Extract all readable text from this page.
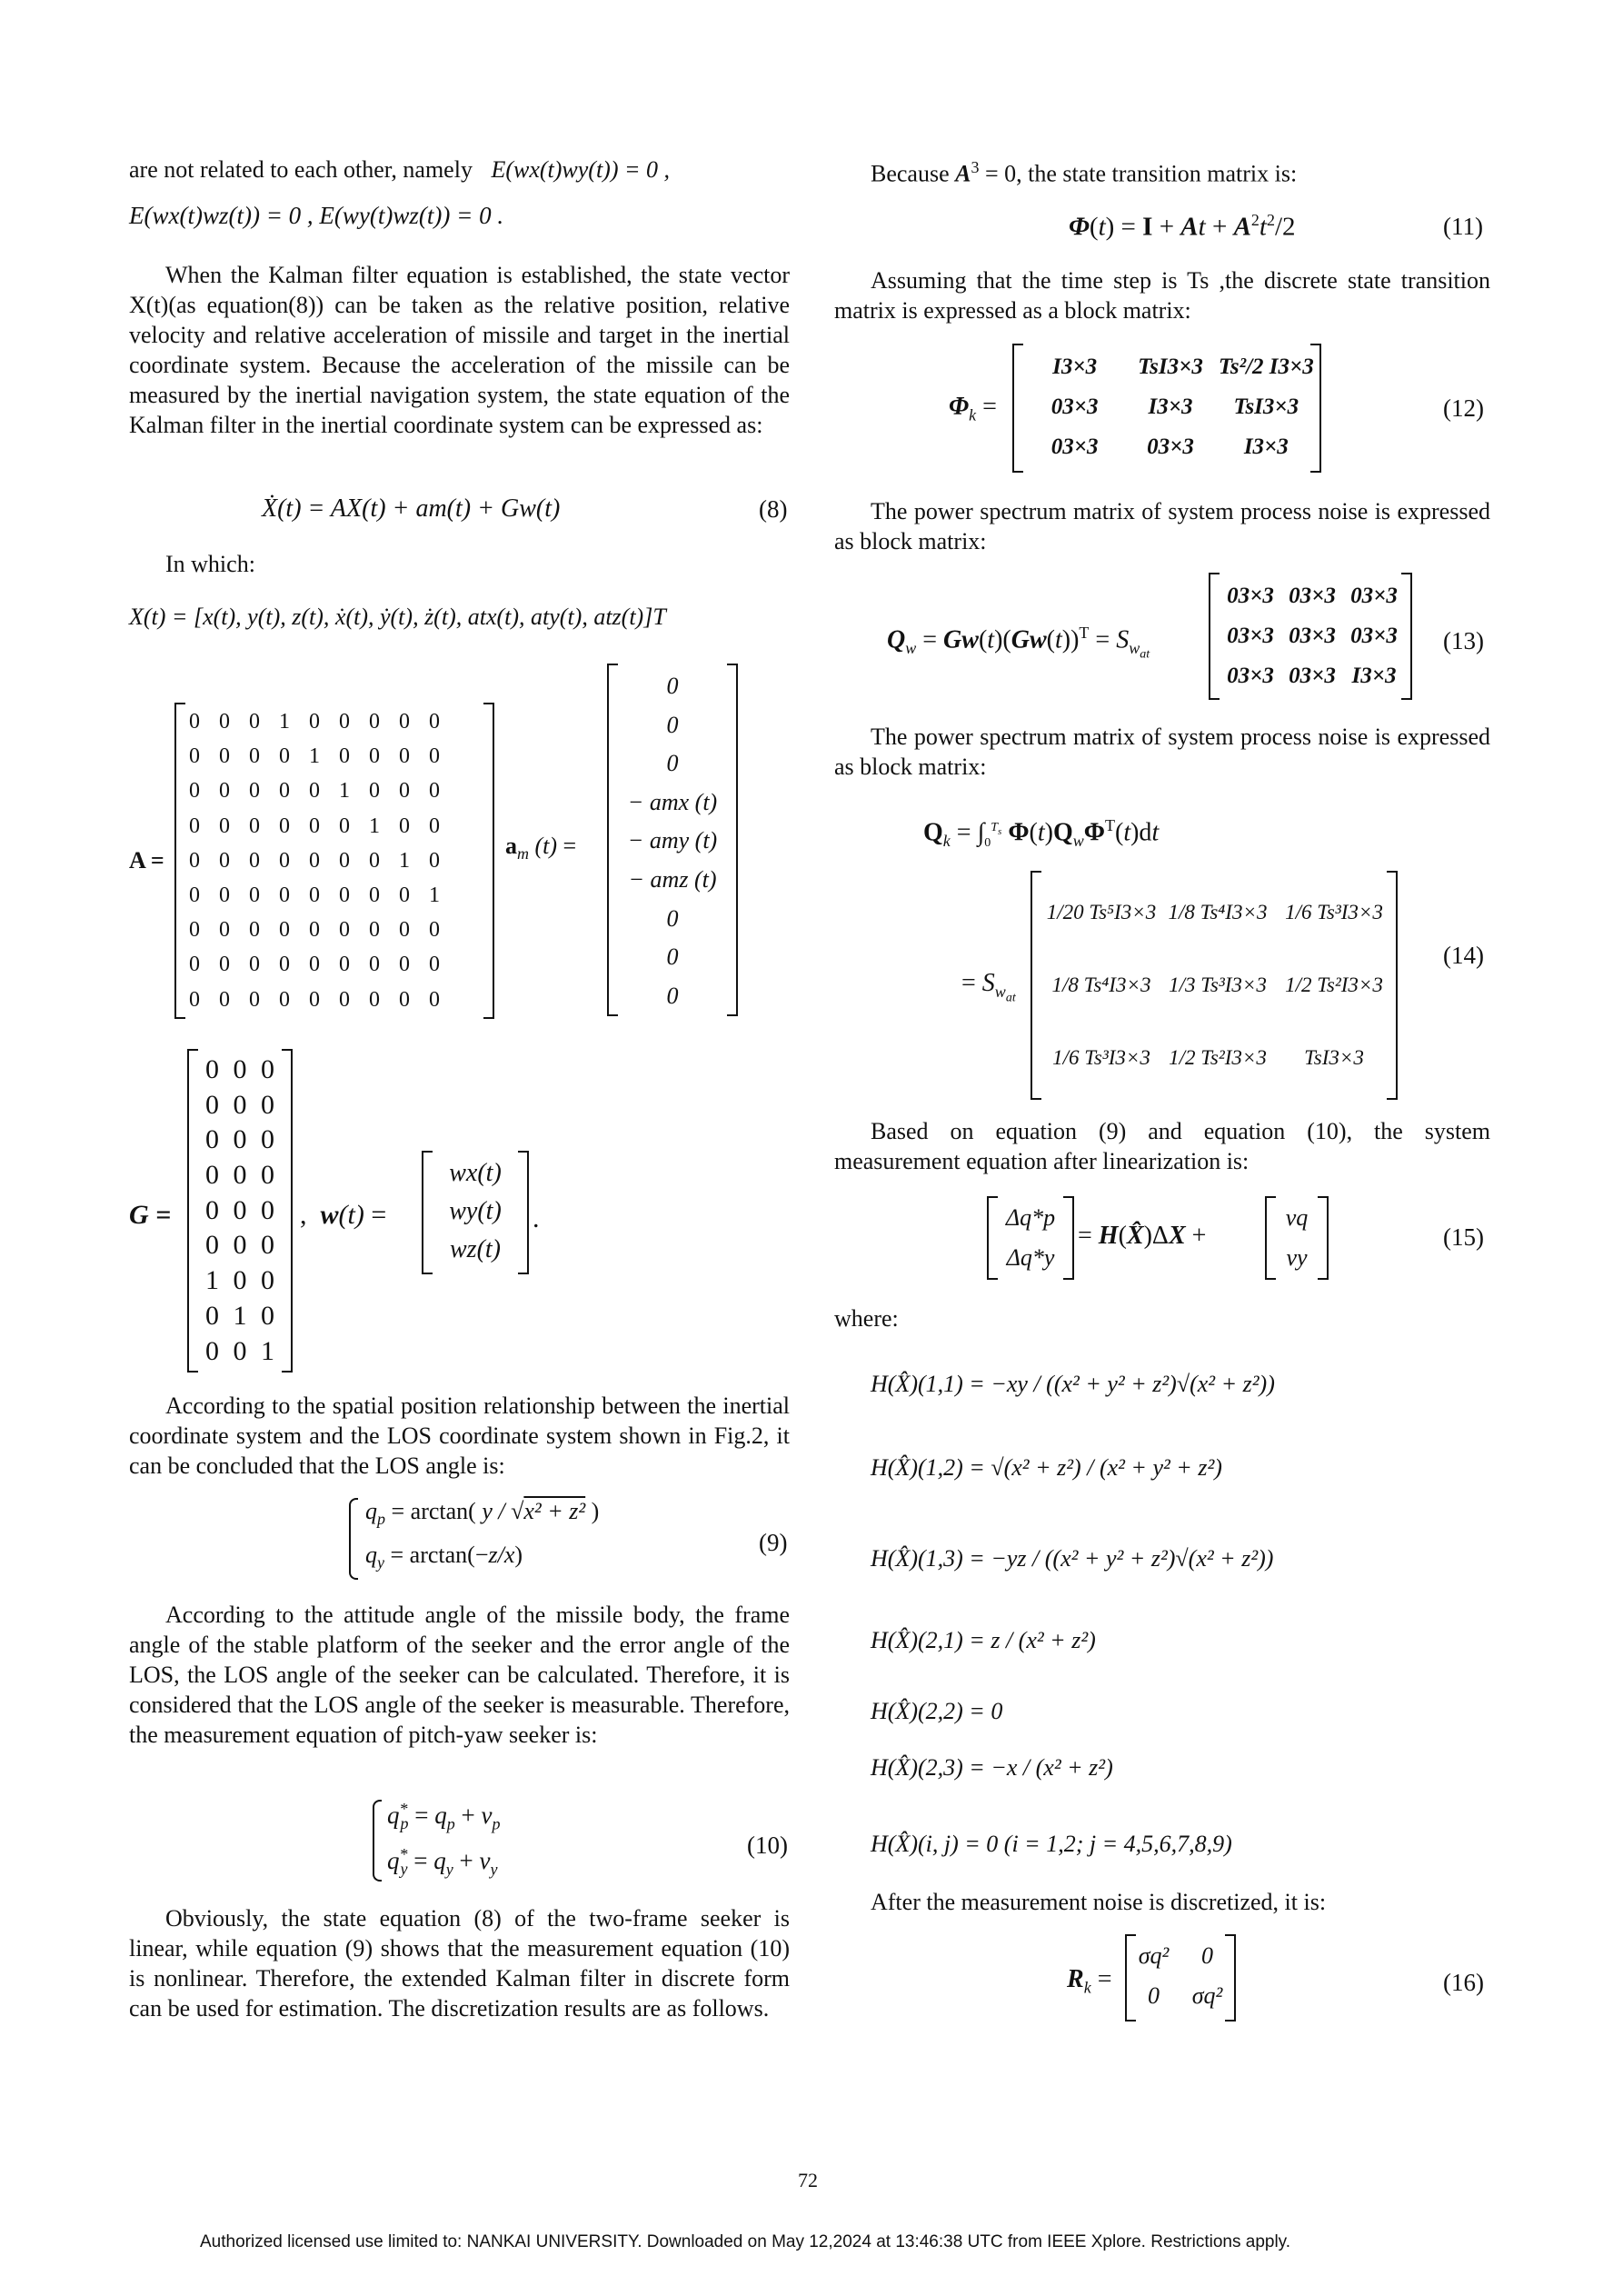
are not related to each other, namely E(wx(t)wy(t)) = 0 ,
E(wx(t)wz(t)) = 0 , E(wy(t)wz(t)) = 0 .
When the Kalman filter equation is established, the state vector X(t)(as equation(8)) can be taken as the relative position, relative velocity and relative acceleration of missile and target in the inertial coordinate system. Because the acceleration of the missile can be measured by the inertial navigation system, the state equation of the Kalman filter in the inertial coordinate system can be expressed as:
Ẋ(t) = AX(t) + am(t) + Gw(t)	(8)
In which:
X(t) = [x(t), y(t), z(t), ẋ(t), ẏ(t), ż(t), atx(t), aty(t), atz(t)]T
A =
0 0 0 1 0 0 0 0 0
0 0 0 0 1 0 0 0 0
0 0 0 0 0 1 0 0 0
0 0 0 0 0 0 1 0 0
0 0 0 0 0 0 0 1 0
0 0 0 0 0 0 0 0 1
0 0 0 0 0 0 0 0 0
0 0 0 0 0 0 0 0 0
0 0 0 0 0 0 0 0 0
$a_m$ (t) =
0
0
0
− amx (t)
− amy (t)
− amz (t)
0
0
0
G =
0 0 0
0 0 0
0 0 0
0 0 0
0 0 0
0 0 0
1 0 0
0 1 0
0 0 1
,  w(t) =
wx(t)
wy(t)
wz(t)
.
According to the spatial position relationship between the inertial coordinate system and the LOS coordinate system shown in Fig.2, it can be concluded that the LOS angle is:
$q_p = \arctan$( y / √x² + z² )
$q_y = \arctan(-z/x)$	(9)
According to the attitude angle of the missile body, the frame angle of the stable platform of the seeker and the error angle of the LOS, the LOS angle of the seeker can be calculated. Therefore, it is considered that the LOS angle of the seeker is measurable. Therefore, the measurement equation of pitch-yaw seeker is:
$q^*_p = q_p + v_p$
$q^*_y = q_y + v_y$
(10)
Obviously, the state equation (8) of the two-frame seeker is linear, while equation (9) shows that the measurement equation (10) is nonlinear. Therefore, the extended Kalman filter in discrete form can be used for estimation. The discretization results are as follows.
Because $A^3 = 0$, the state transition matrix is:
$\Phi(t) = I + At + A^2t^2/2$	(11)
Assuming that the time step is Ts ,the discrete state transition matrix is expressed as a block matrix:
$\Phi_k$ =
I3×3	TsI3×3 Ts²/2 I3×3
03×3	I3×3	TsI3×3
03×3	03×3	I3×3
(12)
The power spectrum matrix of system process noise is expressed as block matrix:
$Q_w = Gw(t)(Gw(t))^T = S_{w_{at}}$
03×3 03×3 03×3
03×3 03×3 03×3
03×3 03×3 I3×3
(13)
The power spectrum matrix of system process noise is expressed as block matrix:
$Q_k = \int_0^{T_s}$ $\Phi(t)Q_w\Phi^T(t)dt$
= $S_{w_{at}}$
1/20 Ts⁵I3×3 1/8 Ts⁴I3×3 1/6 Ts³I3×3
1/8 Ts⁴I3×3 1/3 Ts³I3×3 1/2 Ts²I3×3
1/6 Ts³I3×3 1/2 Ts²I3×3	TsI3×3
(14)
Based on equation (9) and equation (10), the system measurement equation after linearization is:
Δq*p
Δq*y
= H(X̂)ΔX +
vq
vy
(15)
where:
H(X̂)(1,1) = −xy / ((x² + y² + z²)√(x² + z²))
H(X̂)(1,2) = √(x² + z²) / (x² + y² + z²)
H(X̂)(1,3) = −yz / ((x² + y² + z²)√(x² + z²))
H(X̂)(2,1) = z / (x² + z²)
H(X̂)(2,2) = 0
H(X̂)(2,3) = −x / (x² + z²)
H(X̂)(i, j) = 0 (i = 1,2; j = 4,5,6,7,8,9)
After the measurement noise is discretized, it is:
$R_k$ =
σq²	0
0	σq²	(16)
72
Authorized licensed use limited to: NANKAI UNIVERSITY. Downloaded on May 12,2024 at 13:46:38 UTC from IEEE Xplore. Restrictions apply.
